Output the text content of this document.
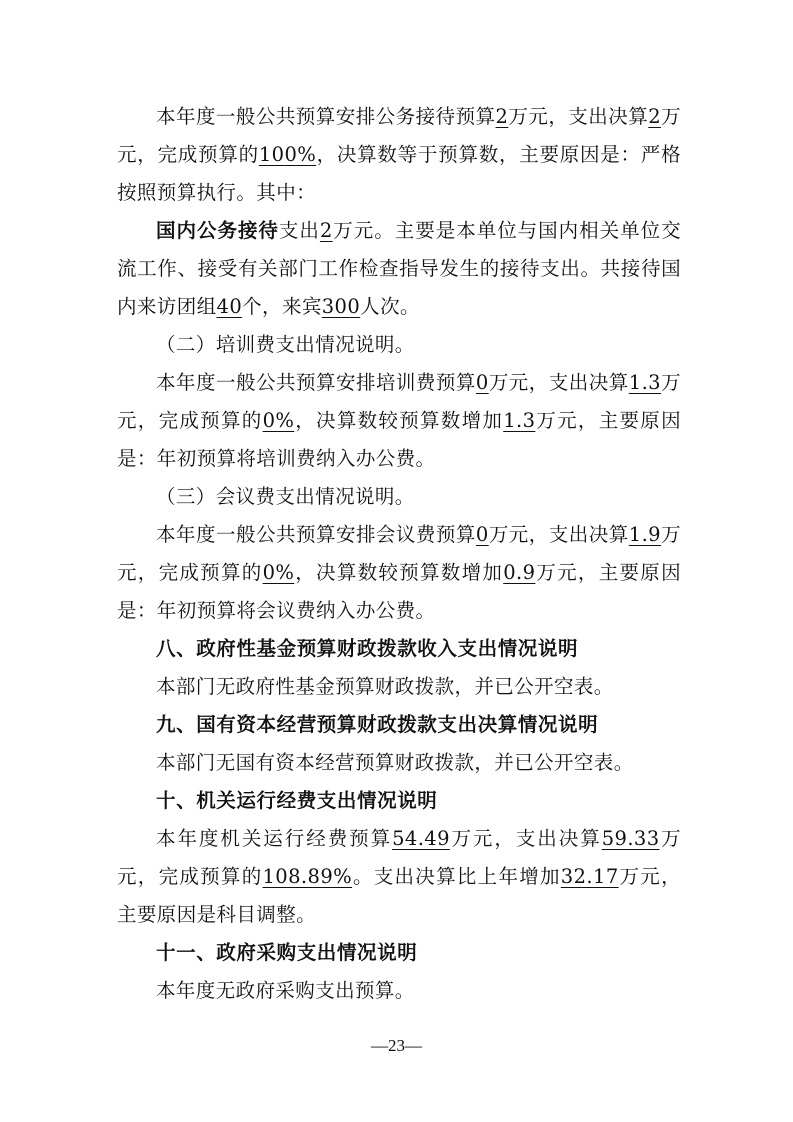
本年度一般公共预算安排公务接待预算2万元，支出决算2万元，完成预算的100%，决算数等于预算数，主要原因是：严格按照预算执行。其中：

国内公务接待支出2万元。主要是本单位与国内相关单位交流工作、接受有关部门工作检查指导发生的接待支出。共接待国内来访团组40个，来宾300人次。

（二）培训费支出情况说明。

本年度一般公共预算安排培训费预算0万元，支出决算1.3万元，完成预算的0%，决算数较预算数增加1.3万元，主要原因是：年初预算将培训费纳入办公费。

（三）会议费支出情况说明。

本年度一般公共预算安排会议费预算0万元，支出决算1.9万元，完成预算的0%，决算数较预算数增加0.9万元，主要原因是：年初预算将会议费纳入办公费。

八、政府性基金预算财政拨款收入支出情况说明

本部门无政府性基金预算财政拨款，并已公开空表。

九、国有资本经营预算财政拨款支出决算情况说明

本部门无国有资本经营预算财政拨款，并已公开空表。

十、机关运行经费支出情况说明

本年度机关运行经费预算54.49万元，支出决算59.33万元，完成预算的108.89%。支出决算比上年增加32.17万元，主要原因是科目调整。

十一、政府采购支出情况说明

本年度无政府采购支出预算。

—23—
